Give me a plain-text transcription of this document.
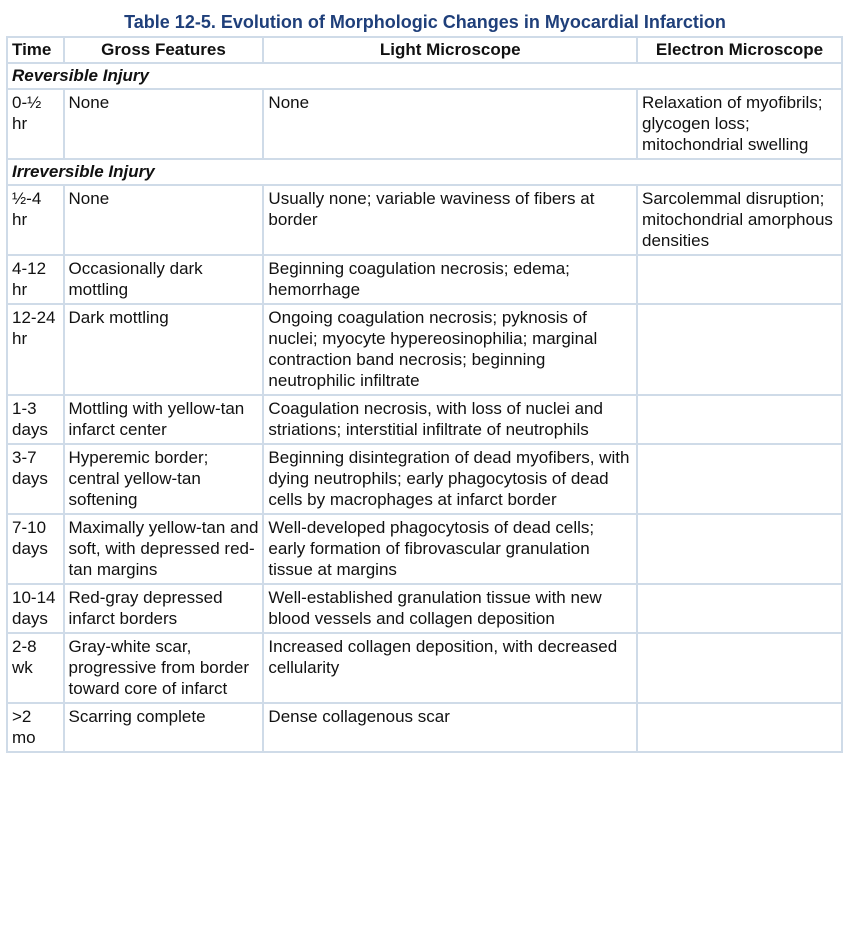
Table 12-5. Evolution of Morphologic Changes in Myocardial Infarction
Time	Gross Features	Light Microscope	Electron Microscope
Reversible Injury			
0-½ hr	None	None	Relaxation of myofibrils; glycogen loss; mitochondrial swelling
Irreversible Injury			
½-4 hr	None	Usually none; variable waviness of fibers at border	Sarcolemmal disruption; mitochondrial amorphous densities
4-12 hr	Occasionally dark mottling	Beginning coagulation necrosis; edema; hemorrhage	
12-24 hr	Dark mottling	Ongoing coagulation necrosis; pyknosis of nuclei; myocyte hypereosinophilia; marginal contraction band necrosis; beginning neutrophilic infiltrate	
1-3 days	Mottling with yellow-tan infarct center	Coagulation necrosis, with loss of nuclei and striations; interstitial infiltrate of neutrophils	
3-7 days	Hyperemic border; central yellow-tan softening	Beginning disintegration of dead myofibers, with dying neutrophils; early phagocytosis of dead cells by macrophages at infarct border	
7-10 days	Maximally yellow-tan and soft, with depressed red-tan margins	Well-developed phagocytosis of dead cells; early formation of fibrovascular granulation tissue at margins	
10-14 days	Red-gray depressed infarct borders	Well-established granulation tissue with new blood vessels and collagen deposition	
2-8 wk	Gray-white scar, progressive from border toward core of infarct	Increased collagen deposition, with decreased cellularity	
>2 mo	Scarring complete	Dense collagenous scar	
